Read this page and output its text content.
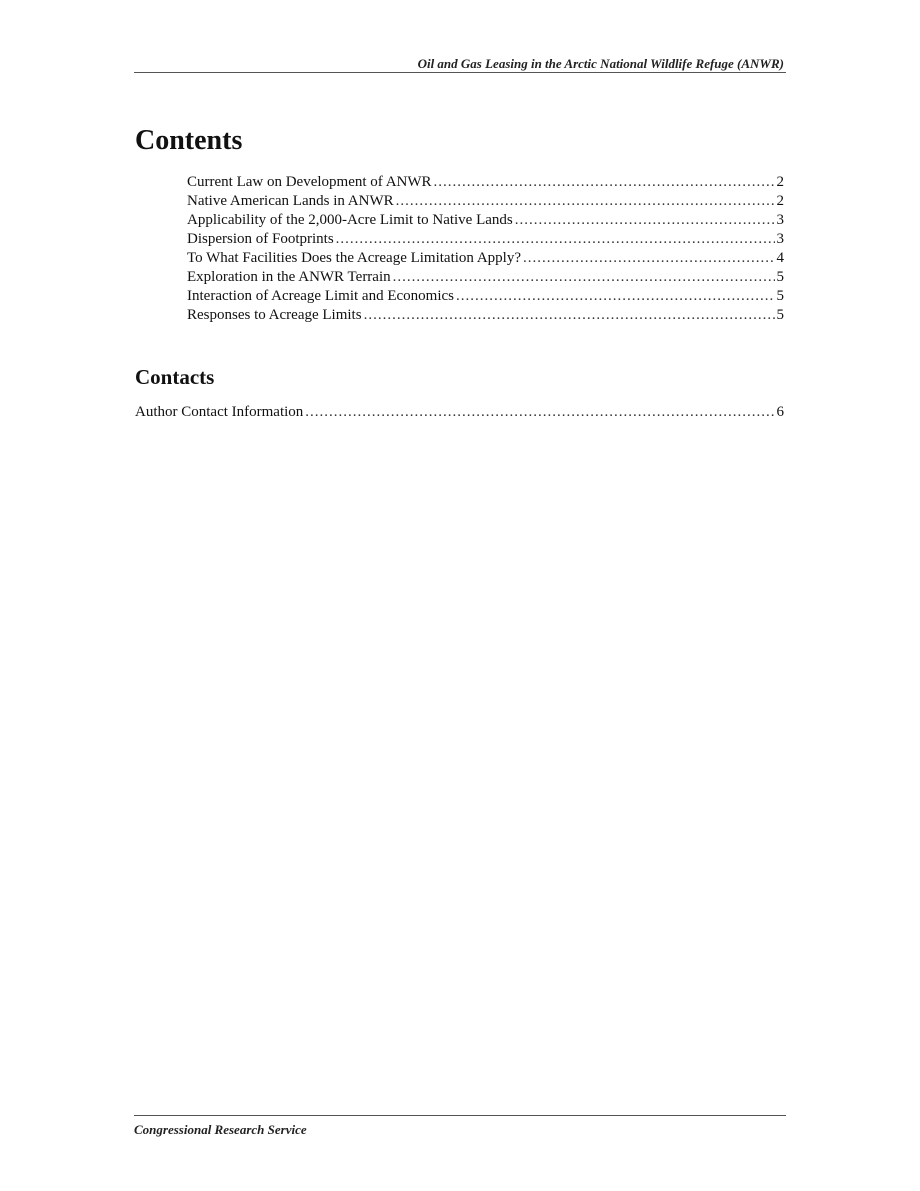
Oil and Gas Leasing in the Arctic National Wildlife Refuge (ANWR)
Contents
Current Law on Development of ANWR .....	2
Native American Lands in ANWR .....	2
Applicability of the 2,000-Acre Limit to Native Lands .....	3
Dispersion of Footprints .....	3
To What Facilities Does the Acreage Limitation Apply? .....	4
Exploration in the ANWR Terrain .....	5
Interaction of Acreage Limit and Economics .....	5
Responses to Acreage Limits .....	5
Contacts
Author Contact Information .....	6
Congressional Research Service
